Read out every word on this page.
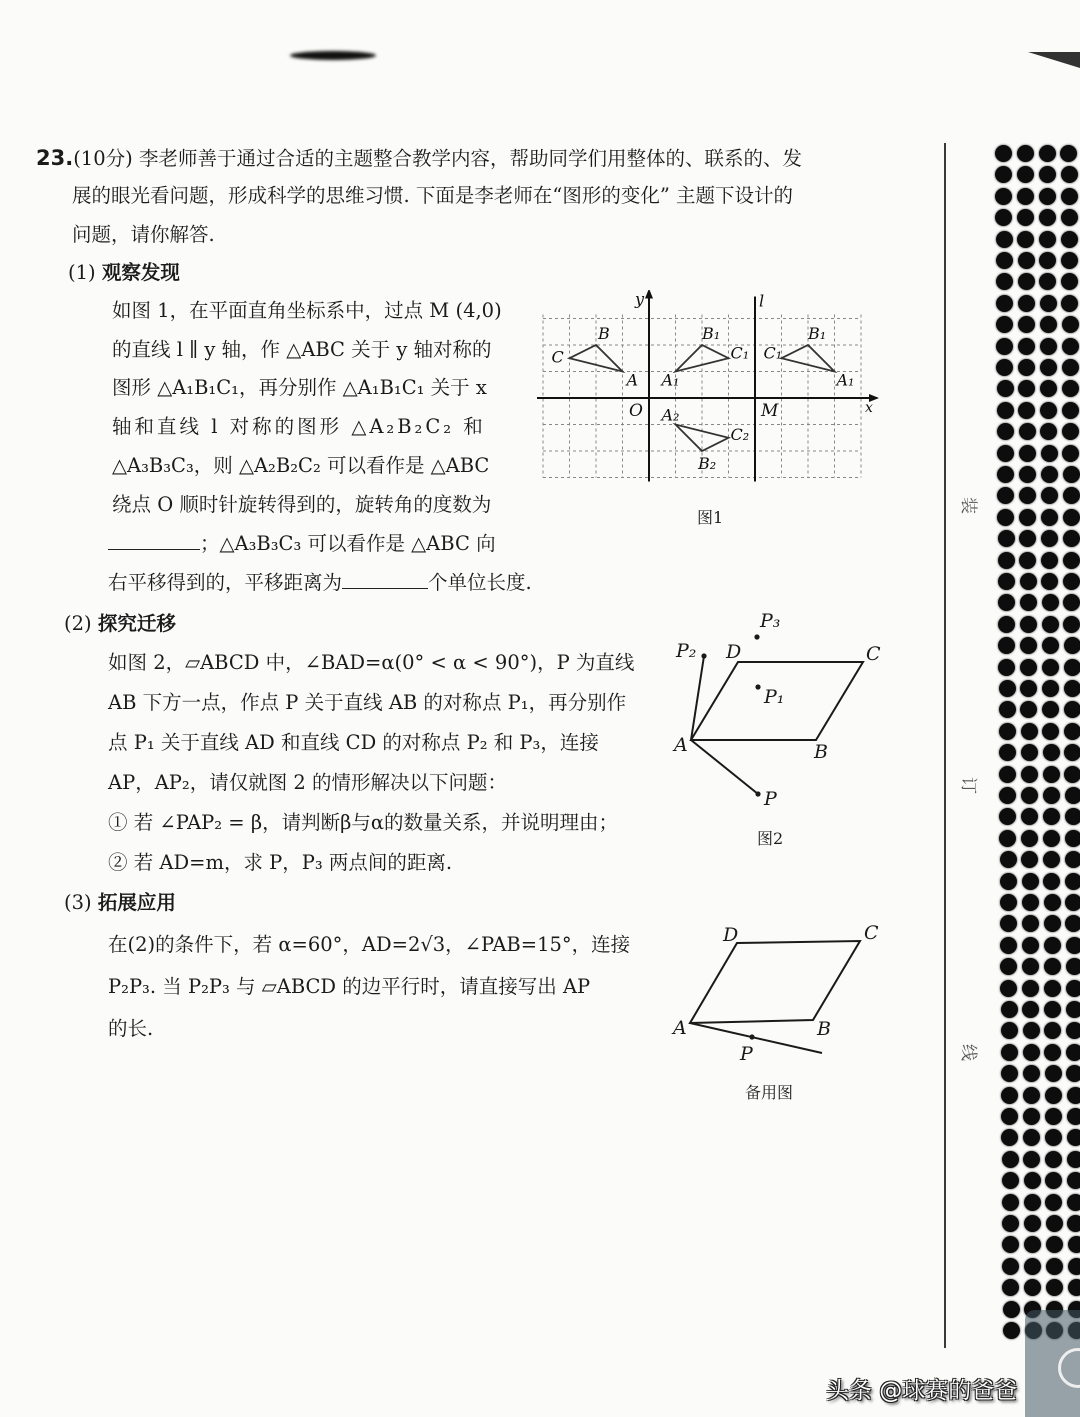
23.(10分) 李老师善于通过合适的主题整合教学内容，帮助同学们用整体的、联系的、发
展的眼光看问题，形成科学的思维习惯. 下面是李老师在“图形的变化” 主题下设计的
问题，请你解答.
(1) 观察发现
如图 1，在平面直角坐标系中，过点 M (4,0)
的直线 l ∥ y 轴，作 △ABC 关于 y 轴对称的
图形 △A₁B₁C₁，再分别作 △A₁B₁C₁ 关于 x
轴和直线 l 对称的图形 △A₂B₂C₂ 和
△A₃B₃C₃，则 △A₂B₂C₂ 可以看作是 △ABC
绕点 O 顺时针旋转得到的，旋转角的度数为
；△A₃B₃C₃ 可以看作是 △ABC 向
右平移得到的，平移距离为	个单位长度.
y	l
x
O	M
A
B
C
A₁
B₁
C₁
A₂
B₂
C₂
A₁
B₁
C₁
图1
(2) 探究迁移
如图 2，▱ABCD 中，∠BAD=α(0° < α < 90°)，P 为直线
AB 下方一点，作点 P 关于直线 AB 的对称点 P₁，再分别作
点 P₁ 关于直线 AD 和直线 CD 的对称点 P₂ 和 P₃，连接
AP，AP₂，请仅就图 2 的情形解决以下问题：
① 若 ∠PAP₂ = β，请判断β与α的数量关系，并说明理由；
② 若 AD=m，求 P，P₃ 两点间的距离.
A	B
C
D
P
P₁
P₂
P₃
图2
(3) 拓展应用
在(2)的条件下，若 α=60°，AD=2√3，∠PAB=15°，连接
P₂P₃. 当 P₂P₃ 与 ▱ABCD 的边平行时，请直接写出 AP
的长.	A	B
C
D
P
备用图
装
订
线
头条 @球赛的爸爸
